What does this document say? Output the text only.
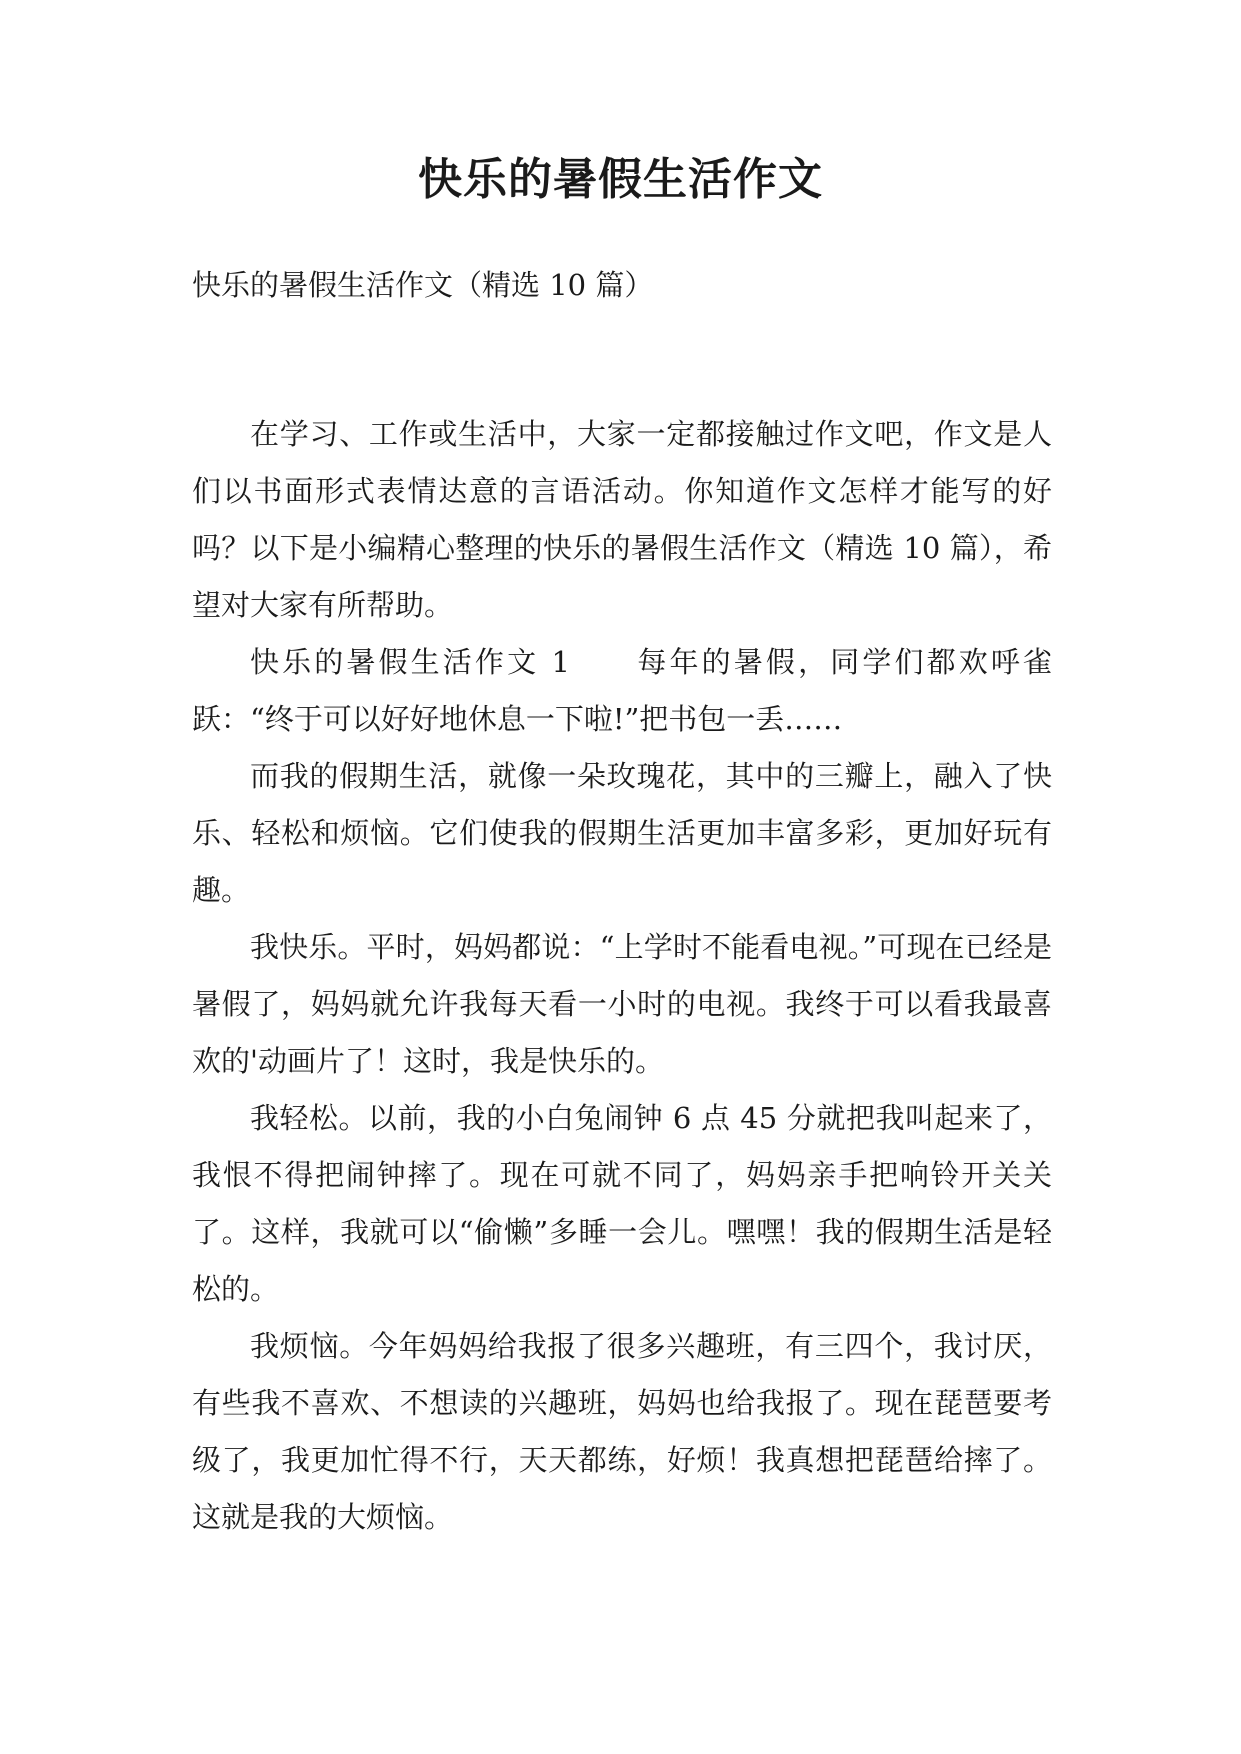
快乐的暑假生活作文

快乐的暑假生活作文（精选 10 篇）

在学习、工作或生活中，大家一定都接触过作文吧，作文是人们以书面形式表情达意的言语活动。你知道作文怎样才能写的好吗？以下是小编精心整理的快乐的暑假生活作文（精选 10 篇），希望对大家有所帮助。

快乐的暑假生活作文 1　　每年的暑假，同学们都欢呼雀跃：“终于可以好好地休息一下啦!”把书包一丢……

而我的假期生活，就像一朵玫瑰花，其中的三瓣上，融入了快乐、轻松和烦恼。它们使我的假期生活更加丰富多彩，更加好玩有趣。

我快乐。平时，妈妈都说：“上学时不能看电视。”可现在已经是暑假了，妈妈就允许我每天看一小时的电视。我终于可以看我最喜欢的'动画片了！这时，我是快乐的。

我轻松。以前，我的小白兔闹钟 6 点 45 分就把我叫起来了，我恨不得把闹钟摔了。现在可就不同了，妈妈亲手把响铃开关关了。这样，我就可以“偷懒”多睡一会儿。嘿嘿！我的假期生活是轻松的。

我烦恼。今年妈妈给我报了很多兴趣班，有三四个，我讨厌，有些我不喜欢、不想读的兴趣班，妈妈也给我报了。现在琵琶要考级了，我更加忙得不行，天天都练，好烦！我真想把琵琶给摔了。这就是我的大烦恼。
